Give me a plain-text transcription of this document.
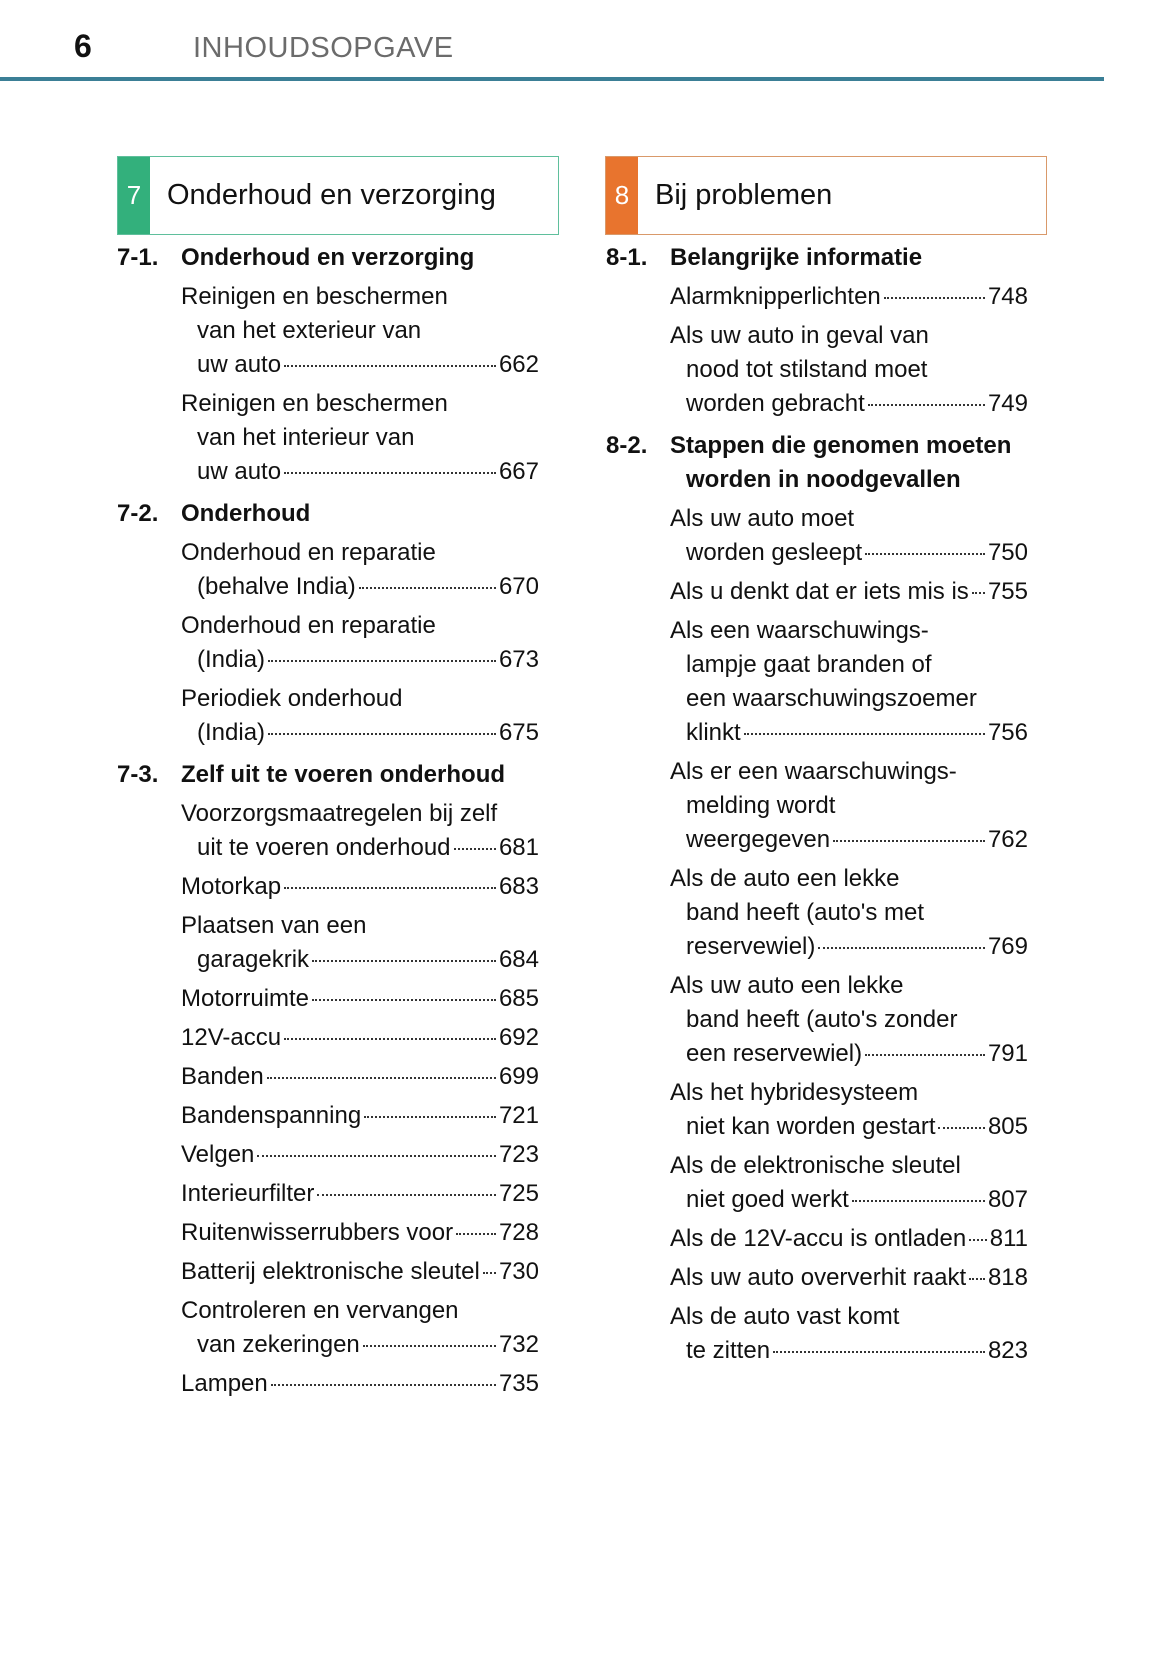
6	INHOUDSOPGAVE
7 Onderhoud en verzorging	8 Bij problemen
7-1. Onderhoud en verzorging
Reinigen en beschermen
van het exterieur van
uw auto	662
Reinigen en beschermen
van het interieur van
uw auto	667
7-2. Onderhoud
Onderhoud en reparatie
(behalve India)	670
Onderhoud en reparatie
(India)	673
Periodiek onderhoud
(India)	675
7-3. Zelf uit te voeren onderhoud
Voorzorgsmaatregelen bij zelf
uit te voeren onderhoud 681
Motorkap	683
Plaatsen van een
garagekrik	684
Motorruimte	685
12V-accu	692
Banden	699
Bandenspanning	721
Velgen	723
Interieurfilter	725
Ruitenwisserrubbers voor 728
Batterij elektronische sleutel 730
Controleren en vervangen
van zekeringen	732
Lampen	735
8-1. Belangrijke informatie
Alarmknipperlichten	748
Als uw auto in geval van
nood tot stilstand moet
worden gebracht	749
8-2. Stappen die genomen moeten
worden in noodgevallen
Als uw auto moet
worden gesleept	750
Als u denkt dat er iets mis is 755
Als een waarschuwings-
lampje gaat branden of
een waarschuwingszoemer
klinkt	756
Als er een waarschuwings-
melding wordt
weergegeven	762
Als de auto een lekke
band heeft (auto's met
reservewiel)	769
Als uw auto een lekke
band heeft (auto's zonder
een reservewiel)	791
Als het hybridesysteem
niet kan worden gestart 805
Als de elektronische sleutel
niet goed werkt	807
Als de 12V-accu is ontladen 811
Als uw auto oververhit raakt 818
Als de auto vast komt
te zitten	823
